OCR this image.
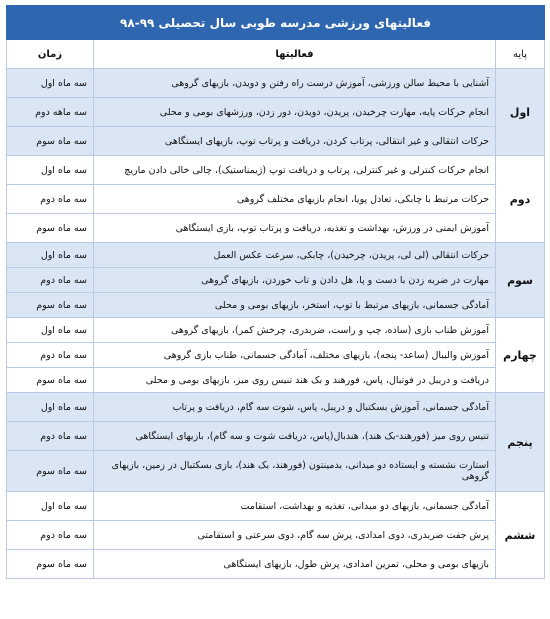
فعالیتهای ورزشی مدرسه طوبی سال تحصیلی ۹۹-۹۸		
پایه	فعالیتها	زمان
اول	آشنایی با محیط سالن ورزشی، آموزش درست راه رفتن و دویدن، بازیهای گروهی	سه ماه اول
	انجام حرکات پایه، مهارت چرخیدن، پریدن، دویدن، دور زدن، ورزشهای بومی و محلی	سه ماهه دوم
	حرکات انتقالی و غیر انتقالی، پرتاب کردن، دریافت و پرتاب توپ، بازیهای ایستگاهی	سه ماه سوم
دوم	انجام حرکات کنترلی و غیر کنترلی، پرتاب و دریافت توپ (ژیمناستیک)، چالی خالی دادن ماریچ	سه ماه اول
	حرکات مرتبط با چابکی، تعادل پویا، انجام بازیهای مختلف گروهی	سه ماه دوم
	آموزش ایمنی در ورزش، بهداشت و تغذیه، دریافت و پرتاب توپ، بازی ایستگاهی	سه ماه سوم
سوم	حرکات انتقالی (لی لی، پریدن، چرخیدن)، چابکی، سرعت عکس العمل	سه ماه اول
	مهارت در ضربه زدن با دست و پا، هل دادن و تاب خوردن، بازیهای گروهی	سه ماه دوم
	آمادگی جسمانی، بازیهای مرتبط با توپ، استخر، بازیهای بومی و محلی	سه ماه سوم
چهارم	آموزش طناب بازی (ساده، چپ و راست، ضربدری، چرخش کمر)، بازیهای گروهی	سه ماه اول
	آموزش والیبال (ساعد- پنجه)، بازیهای مختلف، آمادگی جسمانی، طناب بازی گروهی	سه ماه دوم
	دریافت و دریبل در فوتبال، پاس، فورهند و بک هند تنیس روی میز، بازیهای بومی و محلی	سه ماه سوم
پنجم	آمادگی جسمانی، آموزش بسکتبال و دریبل، پاس، شوت سه گام، دریافت و پرتاب	سه ماه اول
	تنیس روی میز (فورهند-بک هند)، هندبال(پاس، دریافت شوت و سه گام)، بازیهای ایستگاهی	سه ماه دوم
	استارت نشسته و ایستاده دو میدانی، بدمینتون (فورهند، بک هند)، بازی بسکتبال در زمین، بازیهای گروهی	سه ماه سوم
ششم	آمادگی جسمانی، بازیهای دو میدانی، تغذیه و بهداشت، استقامت	سه ماه اول
	پرش جفت ضربدری، دوی امدادی، پرش سه گام، دوی سرعتی و استقامتی	سه ماه دوم
	بازیهای بومی و محلی، تمرین امدادی، پرش طول، بازیهای ایستگاهی	سه ماه سوم
